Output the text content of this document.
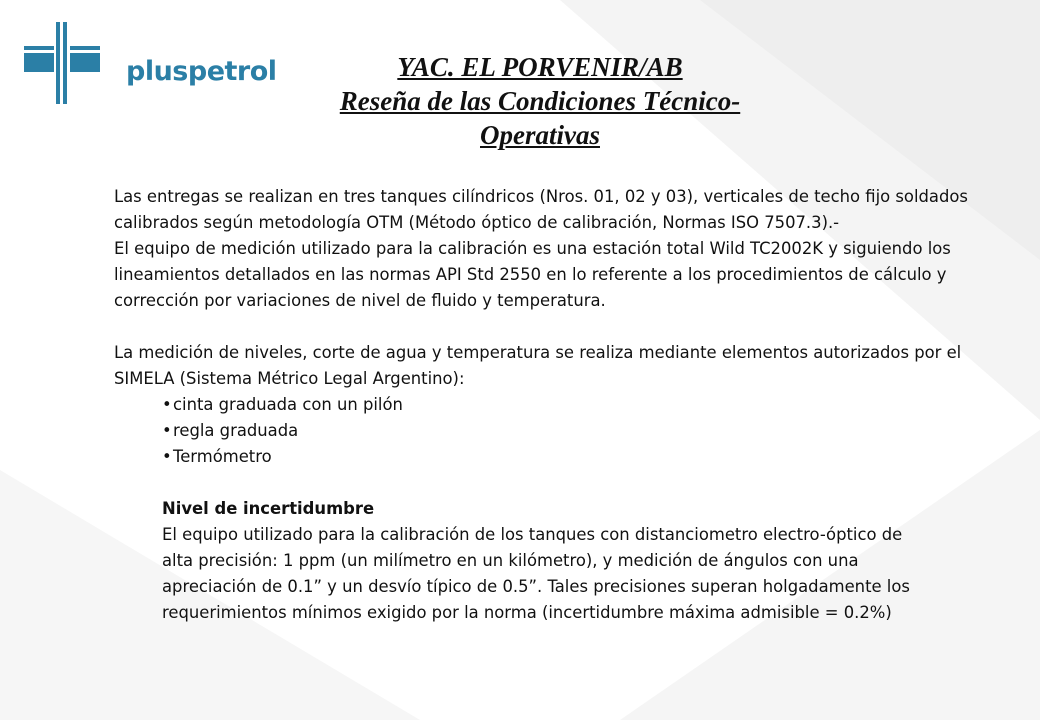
pluspetrol	YAC. EL PORVENIR/AB
Reseña de las Condiciones Técnico-
Operativas

Las entregas se realizan en tres tanques cilíndricos (Nros. 01, 02 y 03), verticales de techo fijo soldados calibrados según metodología OTM (Método óptico de calibración, Normas ISO 7507.3).-

El equipo de medición utilizado para la calibración es una estación total Wild TC2002K y siguiendo los lineamientos detallados en las normas API Std 2550 en lo referente a los procedimientos de cálculo y corrección por variaciones de nivel de fluido y temperatura.

La medición de niveles, corte de agua y temperatura se realiza mediante elementos autorizados por el SIMELA (Sistema Métrico Legal Argentino):

• cinta graduada con un pilón
• regla graduada
• Termómetro

Nivel de incertidumbre

El equipo utilizado para la calibración de los tanques con distanciometro electro-óptico de alta precisión: 1 ppm (un milímetro en un kilómetro), y medición de ángulos con una apreciación de 0.1” y un desvío típico de 0.5”. Tales precisiones superan holgadamente los requerimientos mínimos exigido por la norma (incertidumbre máxima admisible = 0.2%)
